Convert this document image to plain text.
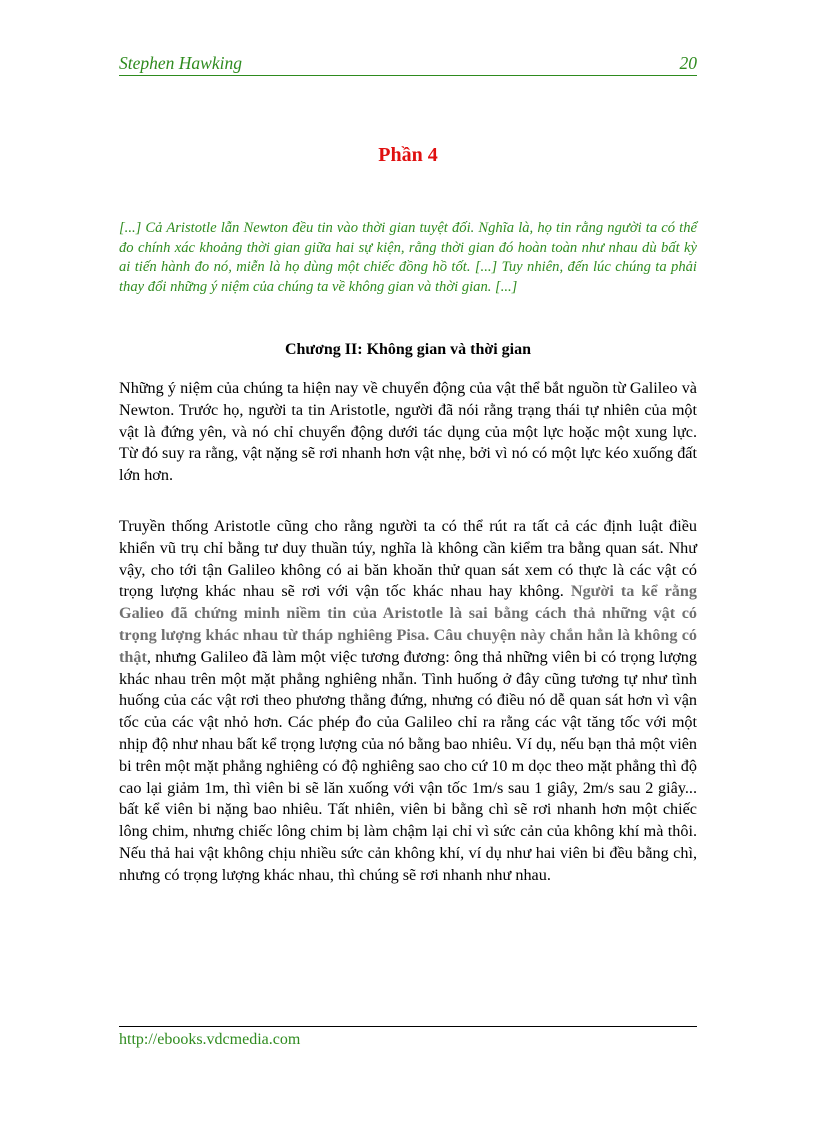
Stephen Hawking	20
Phần 4

[...] Cả Aristotle lẫn Newton đều tin vào thời gian tuyệt đối. Nghĩa là, họ tin rằng người ta có thể đo chính xác khoảng thời gian giữa hai sự kiện, rằng thời gian đó hoàn toàn như nhau dù bất kỳ ai tiến hành đo nó, miễn là họ dùng một chiếc đồng hồ tốt. [...] Tuy nhiên, đến lúc chúng ta phải thay đổi những ý niệm của chúng ta về không gian và thời gian. [...]

Chương II: Không gian và thời gian

Những ý niệm của chúng ta hiện nay về chuyển động của vật thể bắt nguồn từ Galileo và Newton. Trước họ, người ta tin Aristotle, người đã nói rằng trạng thái tự nhiên của một vật là đứng yên, và nó chỉ chuyển động dưới tác dụng của một lực hoặc một xung lực. Từ đó suy ra rằng, vật nặng sẽ rơi nhanh hơn vật nhẹ, bởi vì nó có một lực kéo xuống đất lớn hơn.

Truyền thống Aristotle cũng cho rằng người ta có thể rút ra tất cả các định luật điều khiển vũ trụ chỉ bằng tư duy thuần túy, nghĩa là không cần kiểm tra bằng quan sát. Như vậy, cho tới tận Galileo không có ai băn khoăn thử quan sát xem có thực là các vật có trọng lượng khác nhau sẽ rơi với vận tốc khác nhau hay không. Người ta kể rằng Galieo đã chứng minh niềm tin của Aristotle là sai bằng cách thả những vật có trọng lượng khác nhau từ tháp nghiêng Pisa. Câu chuyện này chắn hẳn là không có thật, nhưng Galileo đã làm một việc tương đương: ông thả những viên bi có trọng lượng khác nhau trên một mặt phẳng nghiêng nhẵn. Tình huống ở đây cũng tương tự như tình huống của các vật rơi theo phương thẳng đứng, nhưng có điều nó dễ quan sát hơn vì vận tốc của các vật nhỏ hơn. Các phép đo của Galileo chỉ ra rằng các vật tăng tốc với một nhịp độ như nhau bất kể trọng lượng của nó bằng bao nhiêu. Ví dụ, nếu bạn thả một viên bi trên một mặt phẳng nghiêng có độ nghiêng sao cho cứ 10 m dọc theo mặt phẳng thì độ cao lại giảm 1m, thì viên bi sẽ lăn xuống với vận tốc 1m/s sau 1 giây, 2m/s sau 2 giây... bất kể viên bi nặng bao nhiêu. Tất nhiên, viên bi bằng chì sẽ rơi nhanh hơn một chiếc lông chim, nhưng chiếc lông chim bị làm chậm lại chỉ vì sức cản của không khí mà thôi. Nếu thả hai vật không chịu nhiều sức cản không khí, ví dụ như hai viên bi đều bằng chì, nhưng có trọng lượng khác nhau, thì chúng sẽ rơi nhanh như nhau.

http://ebooks.vdcmedia.com
